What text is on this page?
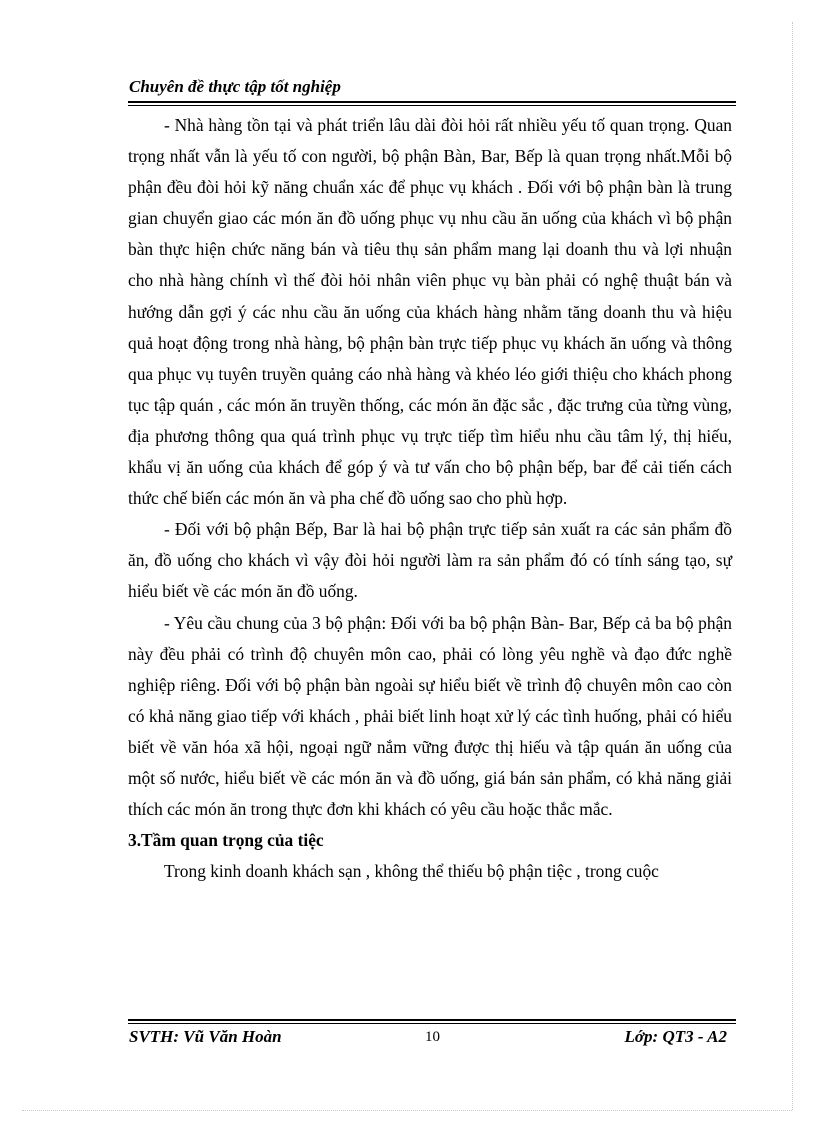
Chuyên đề thực tập tốt nghiệp

- Nhà hàng tồn tại và phát triển lâu dài đòi hỏi rất nhiều yếu tố quan trọng. Quan trọng nhất vẫn là yếu tố con người, bộ phận Bàn, Bar, Bếp là quan trọng nhất.Mỗi bộ phận đều đòi hỏi kỹ năng chuẩn xác để phục vụ khách . Đối với bộ phận bàn là trung gian chuyển giao các món ăn đồ uống phục vụ nhu cầu ăn uống của khách vì bộ phận bàn thực hiện chức năng bán và tiêu thụ sản phẩm mang lại doanh thu và lợi nhuận cho nhà hàng chính vì thế đòi hỏi nhân viên phục vụ bàn phải có nghệ thuật bán và hướng dẫn gợi ý các nhu cầu ăn uống của khách hàng nhằm tăng doanh thu và hiệu quả hoạt động trong nhà hàng, bộ phận bàn trực tiếp phục vụ khách ăn uống và thông qua phục vụ tuyên truyền quảng cáo nhà hàng và khéo léo giới thiệu cho khách phong tục tập quán , các món ăn truyền thống, các món ăn đặc sắc , đặc trưng của từng vùng, địa phương thông qua quá trình phục vụ trực tiếp tìm hiểu nhu cầu tâm lý, thị hiếu, khẩu vị ăn uống của khách để góp ý và tư vấn cho bộ phận bếp, bar để cải tiến cách thức chế biến các món ăn và pha chế đồ uống sao cho phù hợp.

- Đối với bộ phận Bếp, Bar là hai bộ phận trực tiếp sản xuất ra các sản phẩm đồ ăn, đồ uống cho khách vì vậy đòi hỏi người làm ra sản phẩm đó có tính sáng tạo, sự hiểu biết về các món ăn đồ uống.

- Yêu cầu chung của 3 bộ phận: Đối với ba bộ phận Bàn- Bar, Bếp cả ba bộ phận này đều phải có trình độ chuyên môn cao, phải có lòng yêu nghề và đạo đức nghề nghiệp riêng. Đối với bộ phận bàn ngoài sự hiểu biết về trình độ chuyên môn cao còn có khả năng giao tiếp với khách , phải biết linh hoạt xử lý các tình huống, phải có hiểu biết về văn hóa xã hội, ngoại ngữ nắm vững được thị hiếu và tập quán ăn uống của một số nước, hiểu biết về các món ăn và đồ uống, giá bán sản phẩm, có khả năng giải thích các món ăn trong thực đơn khi khách có yêu cầu hoặc thắc mắc.

3.Tầm quan trọng của tiệc

Trong kinh doanh khách sạn , không thể thiếu bộ phận tiệc , trong cuộc

SVTH: Vũ Văn Hoàn	10	Lớp: QT3 - A2
